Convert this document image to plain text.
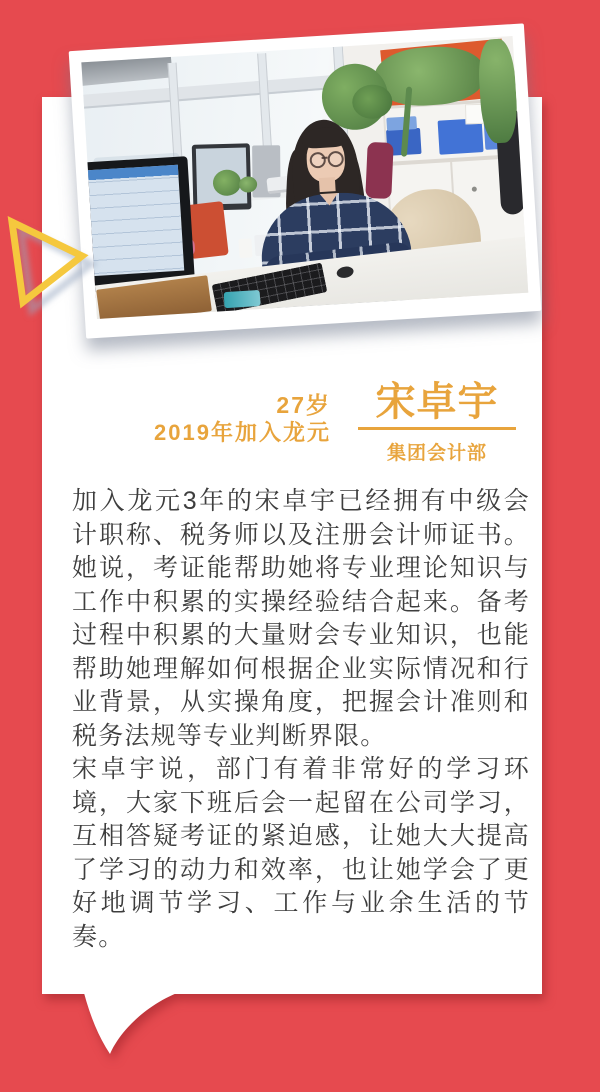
27岁
2019年加入龙元
宋卓宇
集团会计部

加入龙元3年的宋卓宇已经拥有中级会计职称、税务师以及注册会计师证书。她说，考证能帮助她将专业理论知识与工作中积累的实操经验结合起来。备考过程中积累的大量财会专业知识，也能帮助她理解如何根据企业实际情况和行业背景，从实操角度，把握会计准则和税务法规等专业判断界限。

宋卓宇说，部门有着非常好的学习环境，大家下班后会一起留在公司学习，互相答疑考证的紧迫感，让她大大提高了学习的动力和效率，也让她学会了更好地调节学习、工作与业余生活的节奏。
